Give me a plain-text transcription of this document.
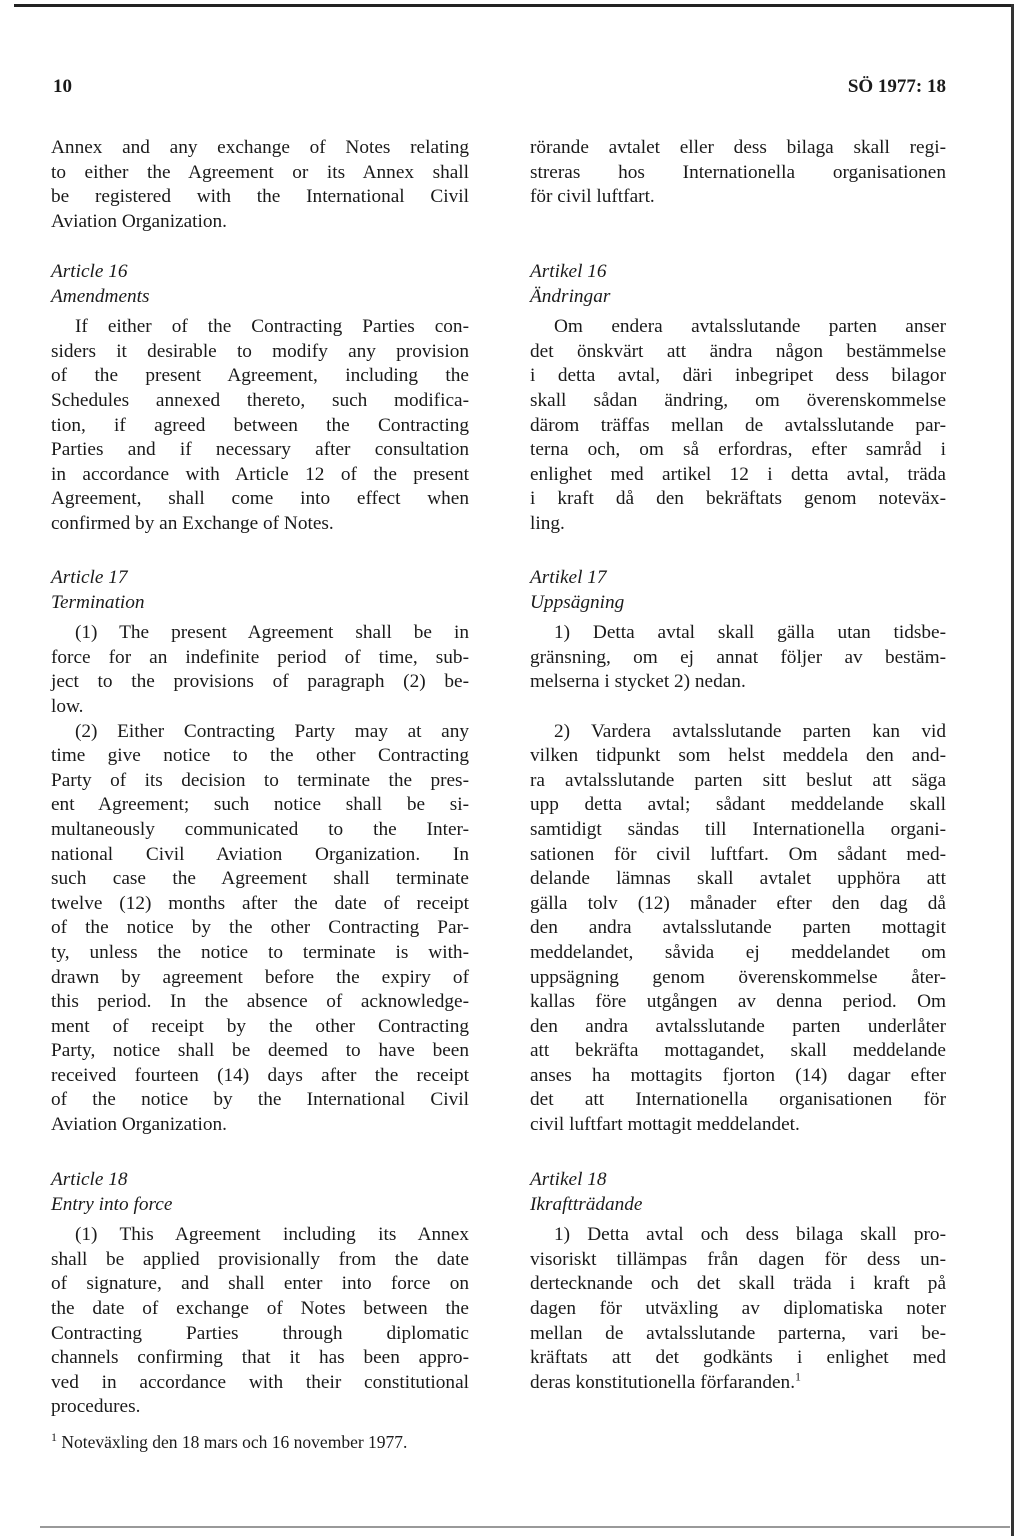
10	SÖ 1977: 18

Annex and any exchange of Notes relating
to either the Agreement or its Annex shall
be registered with the International Civil
Aviation Organization.

Article 16

Amendments

If either of the Contracting Parties con-
siders it desirable to modify any provision
of the present Agreement, including the
Schedules annexed thereto, such modifica-
tion, if agreed between the Contracting
Parties and if necessary after consultation
in accordance with Article 12 of the present
Agreement, shall come into effect when
confirmed by an Exchange of Notes.

Article 17

Termination

(1) The present Agreement shall be in
force for an indefinite period of time, sub-
ject to the provisions of paragraph (2) be-
low.

(2) Either Contracting Party may at any
time give notice to the other Contracting
Party of its decision to terminate the pres-
ent Agreement; such notice shall be si-
multaneously communicated to the Inter-
national Civil Aviation Organization. In
such case the Agreement shall terminate
twelve (12) months after the date of receipt
of the notice by the other Contracting Par-
ty, unless the notice to terminate is with-
drawn by agreement before the expiry of
this period. In the absence of acknowledge-
ment of receipt by the other Contracting
Party, notice shall be deemed to have been
received fourteen (14) days after the receipt
of the notice by the International Civil
Aviation Organization.

Article 18

Entry into force

(1) This Agreement including its Annex
shall be applied provisionally from the date
of signature, and shall enter into force on
the date of exchange of Notes between the
Contracting Parties through diplomatic
channels confirming that it has been appro-
ved in accordance with their constitutional
procedures.

rörande avtalet eller dess bilaga skall regi-
streras hos Internationella organisationen
för civil luftfart.

Artikel 16

Ändringar

Om endera avtalsslutande parten anser
det önskvärt att ändra någon bestämmelse
i detta avtal, däri inbegripet dess bilagor
skall sådan ändring, om överenskommelse
därom träffas mellan de avtalsslutande par-
terna och, om så erfordras, efter samråd i
enlighet med artikel 12 i detta avtal, träda
i kraft då den bekräftats genom noteväx-
ling.

Artikel 17

Uppsägning

1) Detta avtal skall gälla utan tidsbe-
gränsning, om ej annat följer av bestäm-
melserna i stycket 2) nedan.

2) Vardera avtalsslutande parten kan vid
vilken tidpunkt som helst meddela den and-
ra avtalsslutande parten sitt beslut att säga
upp detta avtal; sådant meddelande skall
samtidigt sändas till Internationella organi-
sationen för civil luftfart. Om sådant med-
delande lämnas skall avtalet upphöra att
gälla tolv (12) månader efter den dag då
den andra avtalsslutande parten mottagit
meddelandet, såvida ej meddelandet om
uppsägning genom överenskommelse åter-
kallas före utgången av denna period. Om
den andra avtalsslutande parten underlåter
att bekräfta mottagandet, skall meddelande
anses ha mottagits fjorton (14) dagar efter
det att Internationella organisationen för
civil luftfart mottagit meddelandet.

Artikel 18

Ikraftträdande

1) Detta avtal och dess bilaga skall pro-
visoriskt tillämpas från dagen för dess un-
dertecknande och det skall träda i kraft på
dagen för utväxling av diplomatiska noter
mellan de avtalsslutande parterna, vari be-
kräftats att det godkänts i enlighet med
deras konstitutionella förfaranden.$^1$

$^1$ Noteväxling den 18 mars och 16 november 1977.
